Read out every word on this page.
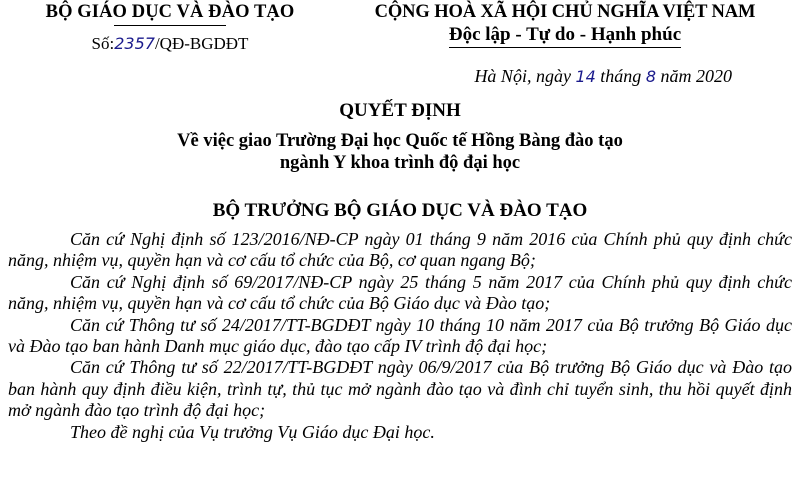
BỘ GIÁO DỤC VÀ ĐÀO TẠO
Số:2357/QĐ-BGDĐT
CỘNG HOÀ XÃ HỘI CHỦ NGHĨA VIỆT NAM
Độc lập - Tự do - Hạnh phúc
Hà Nội, ngày 14 tháng 8 năm 2020
QUYẾT ĐỊNH
Về việc giao Trường Đại học Quốc tế Hồng Bàng đào tạo
ngành Y khoa trình độ đại học
BỘ TRƯỞNG BỘ GIÁO DỤC VÀ ĐÀO TẠO

Căn cứ Nghị định số 123/2016/NĐ-CP ngày 01 tháng 9 năm 2016 của Chính phủ quy định chức năng, nhiệm vụ, quyền hạn và cơ cấu tổ chức của Bộ, cơ quan ngang Bộ;

Căn cứ Nghị định số 69/2017/NĐ-CP ngày 25 tháng 5 năm 2017 của Chính phủ quy định chức năng, nhiệm vụ, quyền hạn và cơ cấu tổ chức của Bộ Giáo dục và Đào tạo;

Căn cứ Thông tư số 24/2017/TT-BGDĐT ngày 10 tháng 10 năm 2017 của Bộ trưởng Bộ Giáo dục và Đào tạo ban hành Danh mục giáo dục, đào tạo cấp IV trình độ đại học;

Căn cứ Thông tư số 22/2017/TT-BGDĐT ngày 06/9/2017 của Bộ trưởng Bộ Giáo dục và Đào tạo ban hành quy định điều kiện, trình tự, thủ tục mở ngành đào tạo và đình chỉ tuyển sinh, thu hồi quyết định mở ngành đào tạo trình độ đại học;

Theo đề nghị của Vụ trưởng Vụ Giáo dục Đại học.
